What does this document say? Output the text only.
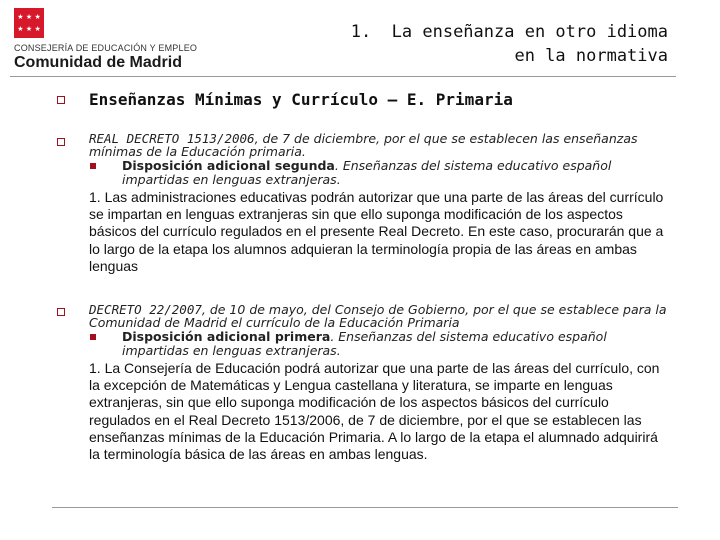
★ ★ ★
★ ★ ★
CONSEJERÍA DE EDUCACIÓN Y EMPLEO
Comunidad de Madrid
1.  La enseñanza en otro idioma
en la normativa
Enseñanzas Mínimas y Currículo – E. Primaria
REAL DECRETO 1513/2006, de 7 de diciembre, por el que se establecen las enseñanzas mínimas de la Educación primaria.
Disposición adicional segunda. Enseñanzas del sistema educativo español impartidas en lenguas extranjeras.
1. Las administraciones educativas podrán autorizar que una parte de las áreas del currículo se impartan en lenguas extranjeras sin que ello suponga modificación de los aspectos básicos del currículo regulados en el presente Real Decreto. En este caso, procurarán que a lo largo de la etapa los alumnos adquieran la terminología propia de las áreas en ambas lenguas
DECRETO 22/2007, de 10 de mayo, del Consejo de Gobierno, por el que se establece para la Comunidad de Madrid el currículo de la Educación Primaria
Disposición adicional primera. Enseñanzas del sistema educativo español impartidas en lenguas extranjeras.
1. La Consejería de Educación podrá autorizar que una parte de las áreas del currículo, con la excepción de Matemáticas y Lengua castellana y literatura, se imparte en lenguas extranjeras, sin que ello suponga modificación de los aspectos básicos del currículo regulados en el Real Decreto 1513/2006, de 7 de diciembre, por el que se establecen las enseñanzas mínimas de la Educación Primaria. A lo largo de la etapa el alumnado adquirirá la terminología básica de las áreas en ambas lenguas.
